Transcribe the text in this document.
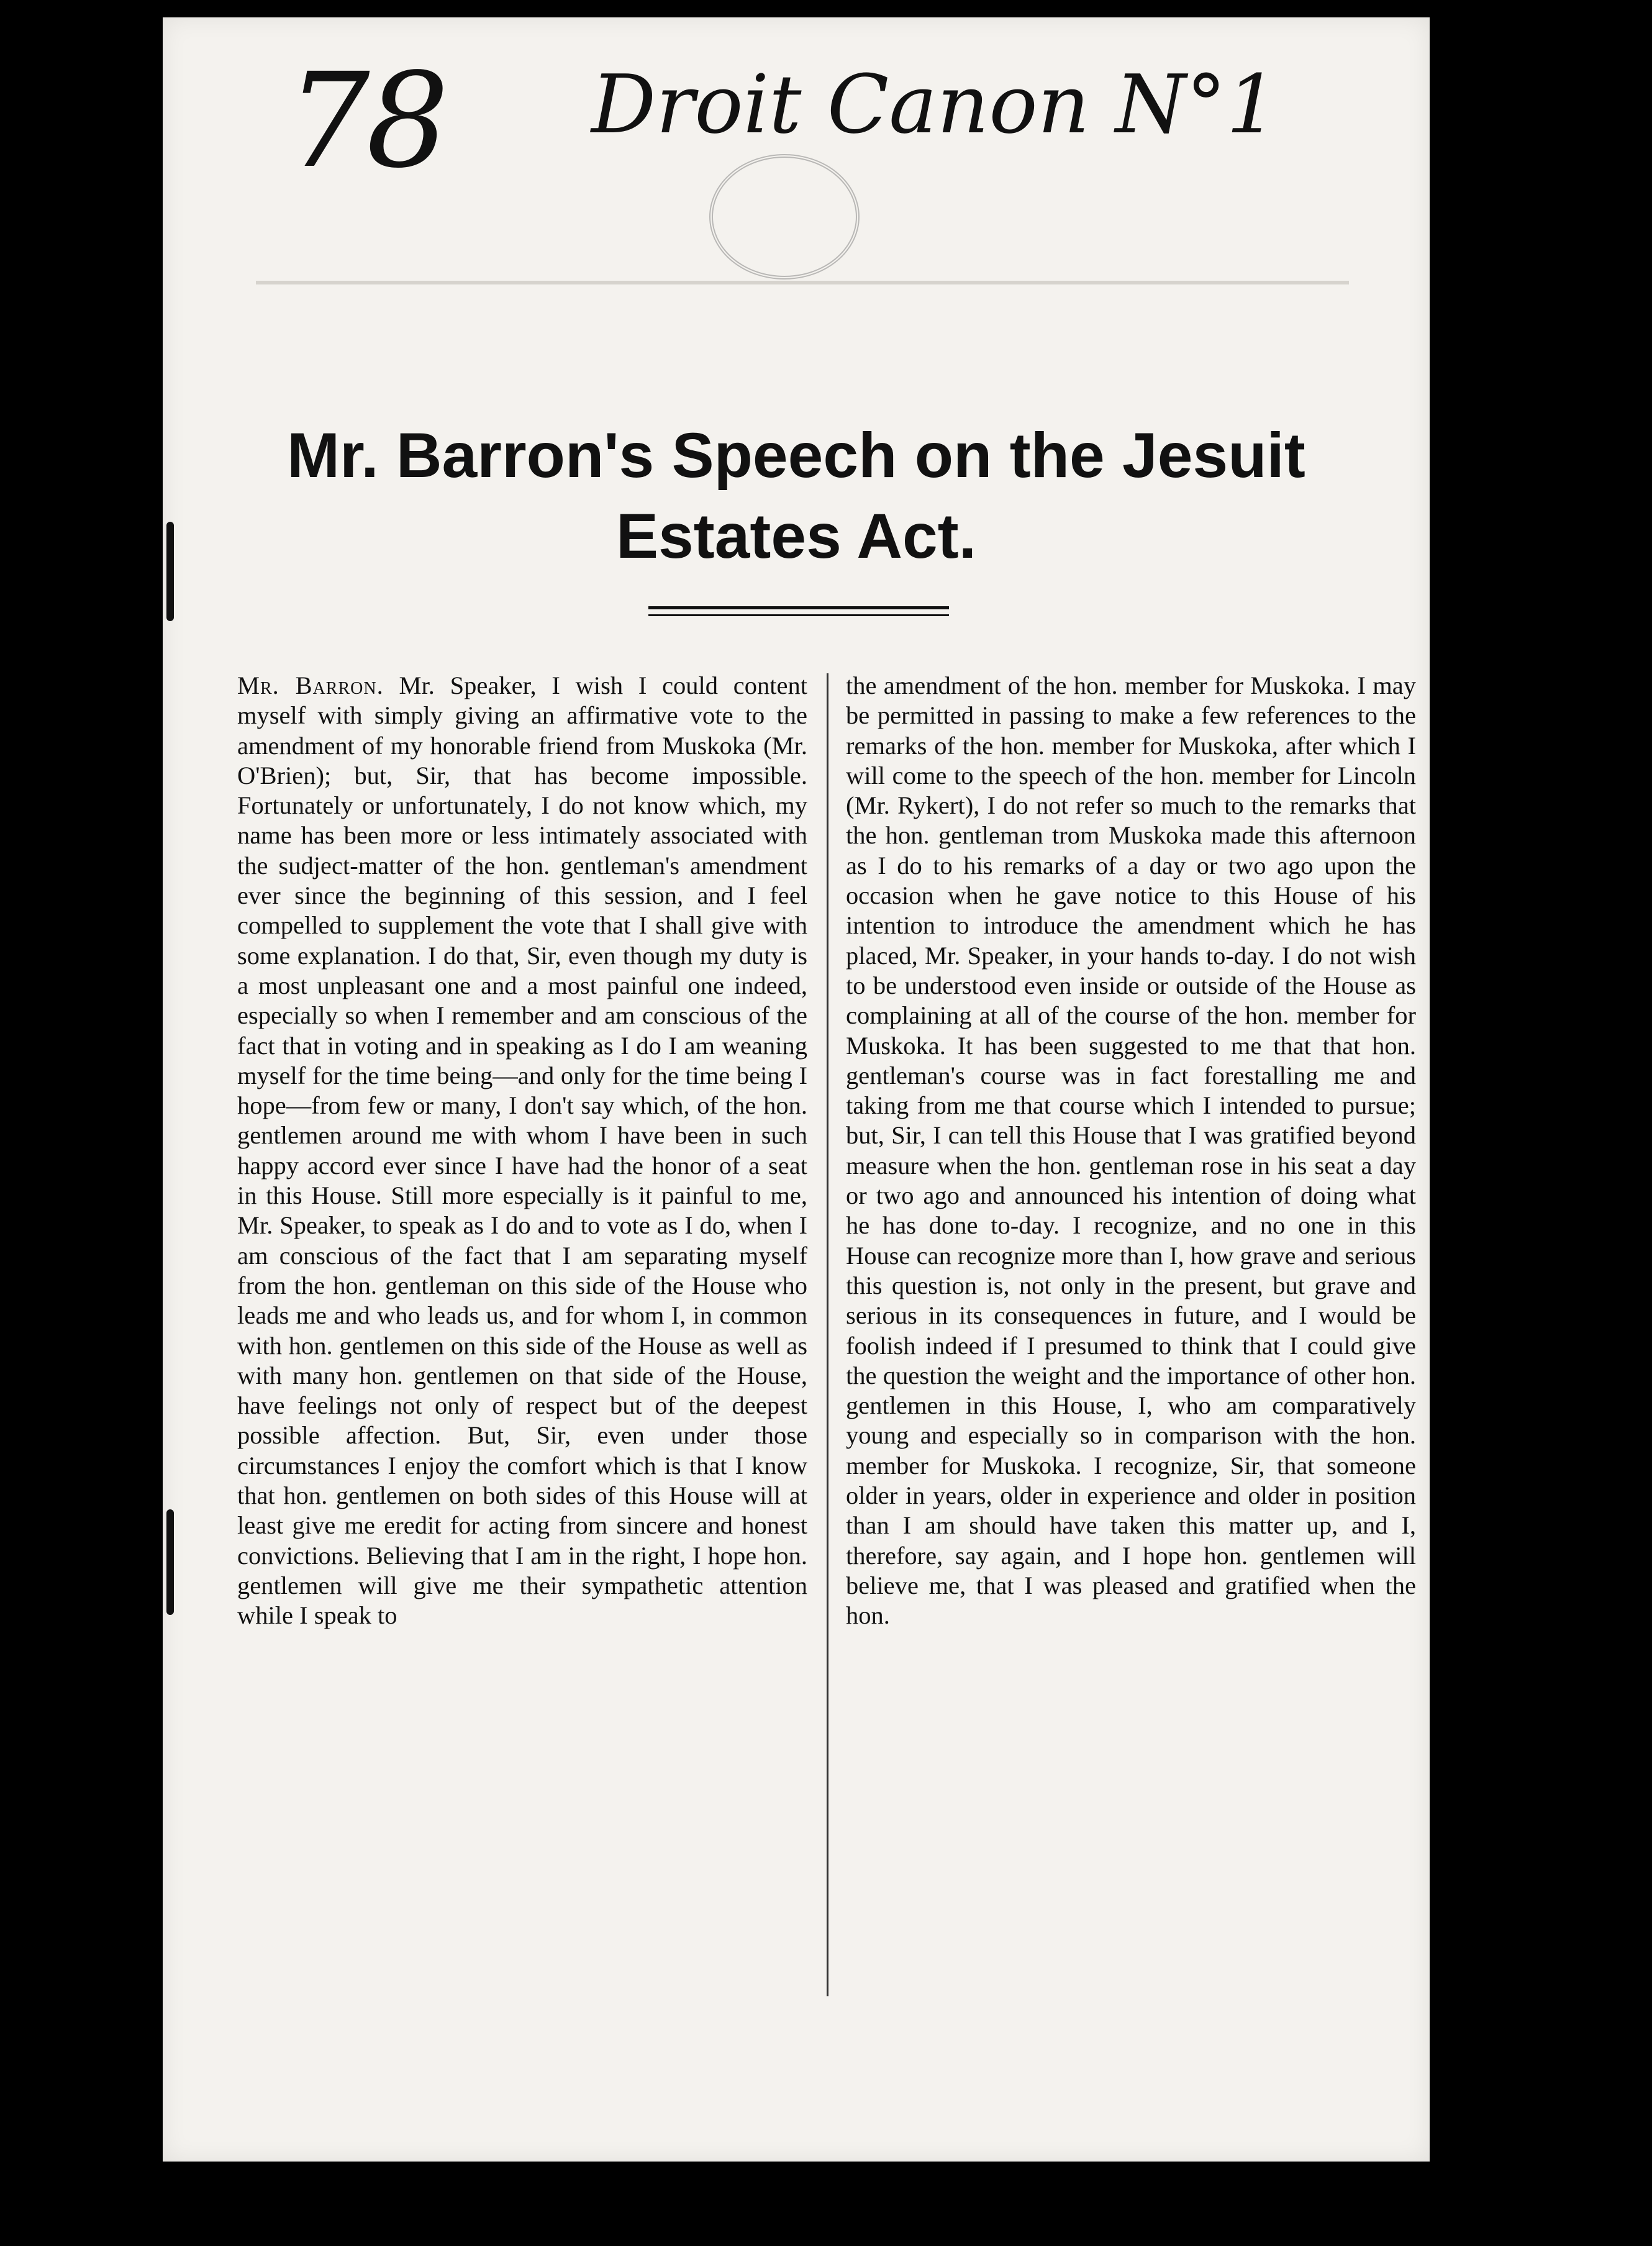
78 Droit Canon N°1
Mr. Barron's Speech on the Jesuit
Estates Act.

Mr. Barron. Mr. Speaker, I wish I could content myself with simply giving an affirmative vote to the amendment of my honorable friend from Muskoka (Mr. O'Brien); but, Sir, that has become impossible. Fortunately or unfortunately, I do not know which, my name has been more or less intimately associated with the sudject-matter of the hon. gentleman's amendment ever since the beginning of this session, and I feel compelled to supplement the vote that I shall give with some explanation. I do that, Sir, even though my duty is a most unpleasant one and a most painful one indeed, especially so when I remember and am conscious of the fact that in voting and in speaking as I do I am weaning myself for the time being—and only for the time being I hope—from few or many, I don't say which, of the hon. gentlemen around me with whom I have been in such happy accord ever since I have had the honor of a seat in this House. Still more especially is it painful to me, Mr. Speaker, to speak as I do and to vote as I do, when I am conscious of the fact that I am separating myself from the hon. gentleman on this side of the House who leads me and who leads us, and for whom I, in common with hon. gentlemen on this side of the House as well as with many hon. gentlemen on that side of the House, have feelings not only of respect but of the deepest possible affection. But, Sir, even under those circumstances I enjoy the comfort which is that I know that hon. gentlemen on both sides of this House will at least give me eredit for acting from sincere and honest convictions. Believing that I am in the right, I hope hon. gentlemen will give me their sympathetic attention while I speak to

the amendment of the hon. member for Muskoka. I may be permitted in passing to make a few references to the remarks of the hon. member for Muskoka, after which I will come to the speech of the hon. member for Lincoln (Mr. Rykert), I do not refer so much to the remarks that the hon. gentleman trom Muskoka made this afternoon as I do to his remarks of a day or two ago upon the occasion when he gave notice to this House of his intention to introduce the amendment which he has placed, Mr. Speaker, in your hands to-day. I do not wish to be understood even inside or outside of the House as complaining at all of the course of the hon. member for Muskoka. It has been suggested to me that that hon. gentleman's course was in fact forestalling me and taking from me that course which I intended to pursue; but, Sir, I can tell this House that I was gratified beyond measure when the hon. gentleman rose in his seat a day or two ago and announced his intention of doing what he has done to-day. I recognize, and no one in this House can recognize more than I, how grave and serious this question is, not only in the present, but grave and serious in its consequences in future, and I would be foolish indeed if I presumed to think that I could give the question the weight and the importance of other hon. gentlemen in this House, I, who am comparatively young and especially so in comparison with the hon. member for Muskoka. I recognize, Sir, that someone older in years, older in experience and older in position than I am should have taken this matter up, and I, therefore, say again, and I hope hon. gentlemen will believe me, that I was pleased and gratified when the hon.
